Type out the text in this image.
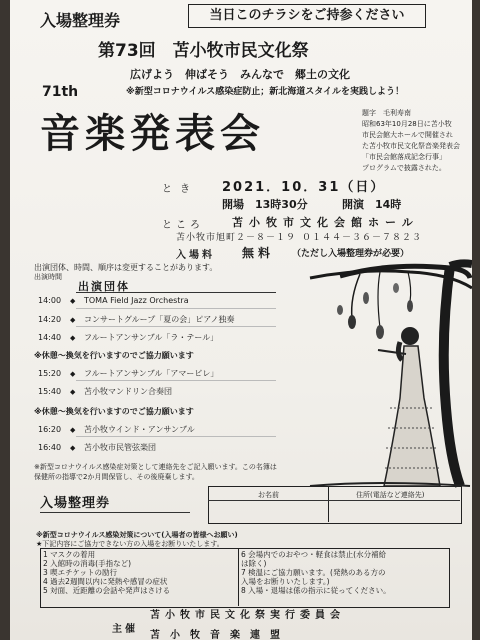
当日このチラシをご持参ください
入場整理券
第73回　苫小牧市民文化祭
広げよう　伸ばそう　みんなで　郷土の文化
71th	※新型コロナウイルス感染症防止；新北海道スタイルを実践しよう！
音楽発表会	題字　毛利寿南
昭和63年10月28日に苫小牧
市民会館大ホールで開催され
た苫小牧市民文化祭音楽発表会
「市民会館落成記念行事」
プログラムで披露された。
とき 2021．10．31（日）
開場　13時30分	開演　14時
ところ	苫小牧市文化会館ホール
苫小牧市旭町２－８－１９ ０１４４－３６－７８２３
入場料 無料 （ただし入場整理券が必要）
出演団体、時間、順序は変更することがあります。
出演時間
出演団体
14:00 ◆ TOMA Field Jazz Orchestra
14:20 ◆ コンサートグループ「夏の会」ピアノ独奏
14:40 ◆ フルートアンサンブル「ラ・テール」
※休憩～換気を行いますのでご協力願います
15:20 ◆ フルートアンサンブル「アマービレ」
15:40 ◆ 苫小牧マンドリン合奏団
※休憩～換気を行いますのでご協力願います
16:20 ◆ 苫小牧ウインド・アンサンブル
16:40 ◆ 苫小牧市民管弦楽団
※新型コロナウイルス感染症対策として連絡先をご記入願います。この名簿は
保健所の指導で2か月間保管し、その後廃棄します。
入場整理券
お名前	住所(電話など連絡先)
※新型コロナウイルス感染対策について(入場者の皆様へお願い)
★下記内容にご協力できない方の入場をお断りいたします。
1 マスクの着用
2 入館時の消毒(手指など)
3 喫エチケットの励行
4 過去2週間以内に発熱や感冒の症状
5 対面、近距離の会話や発声はさける
6 会場内でのおやつ・軽食は禁止(水分補給
は除く)
7 検温にご協力願います。(発熱のある方の
入場をお断りいたします。)
8 入場・退場は係の指示に従ってください。
主催
苫小牧市民文化祭実行委員会
苫小牧音楽連盟
